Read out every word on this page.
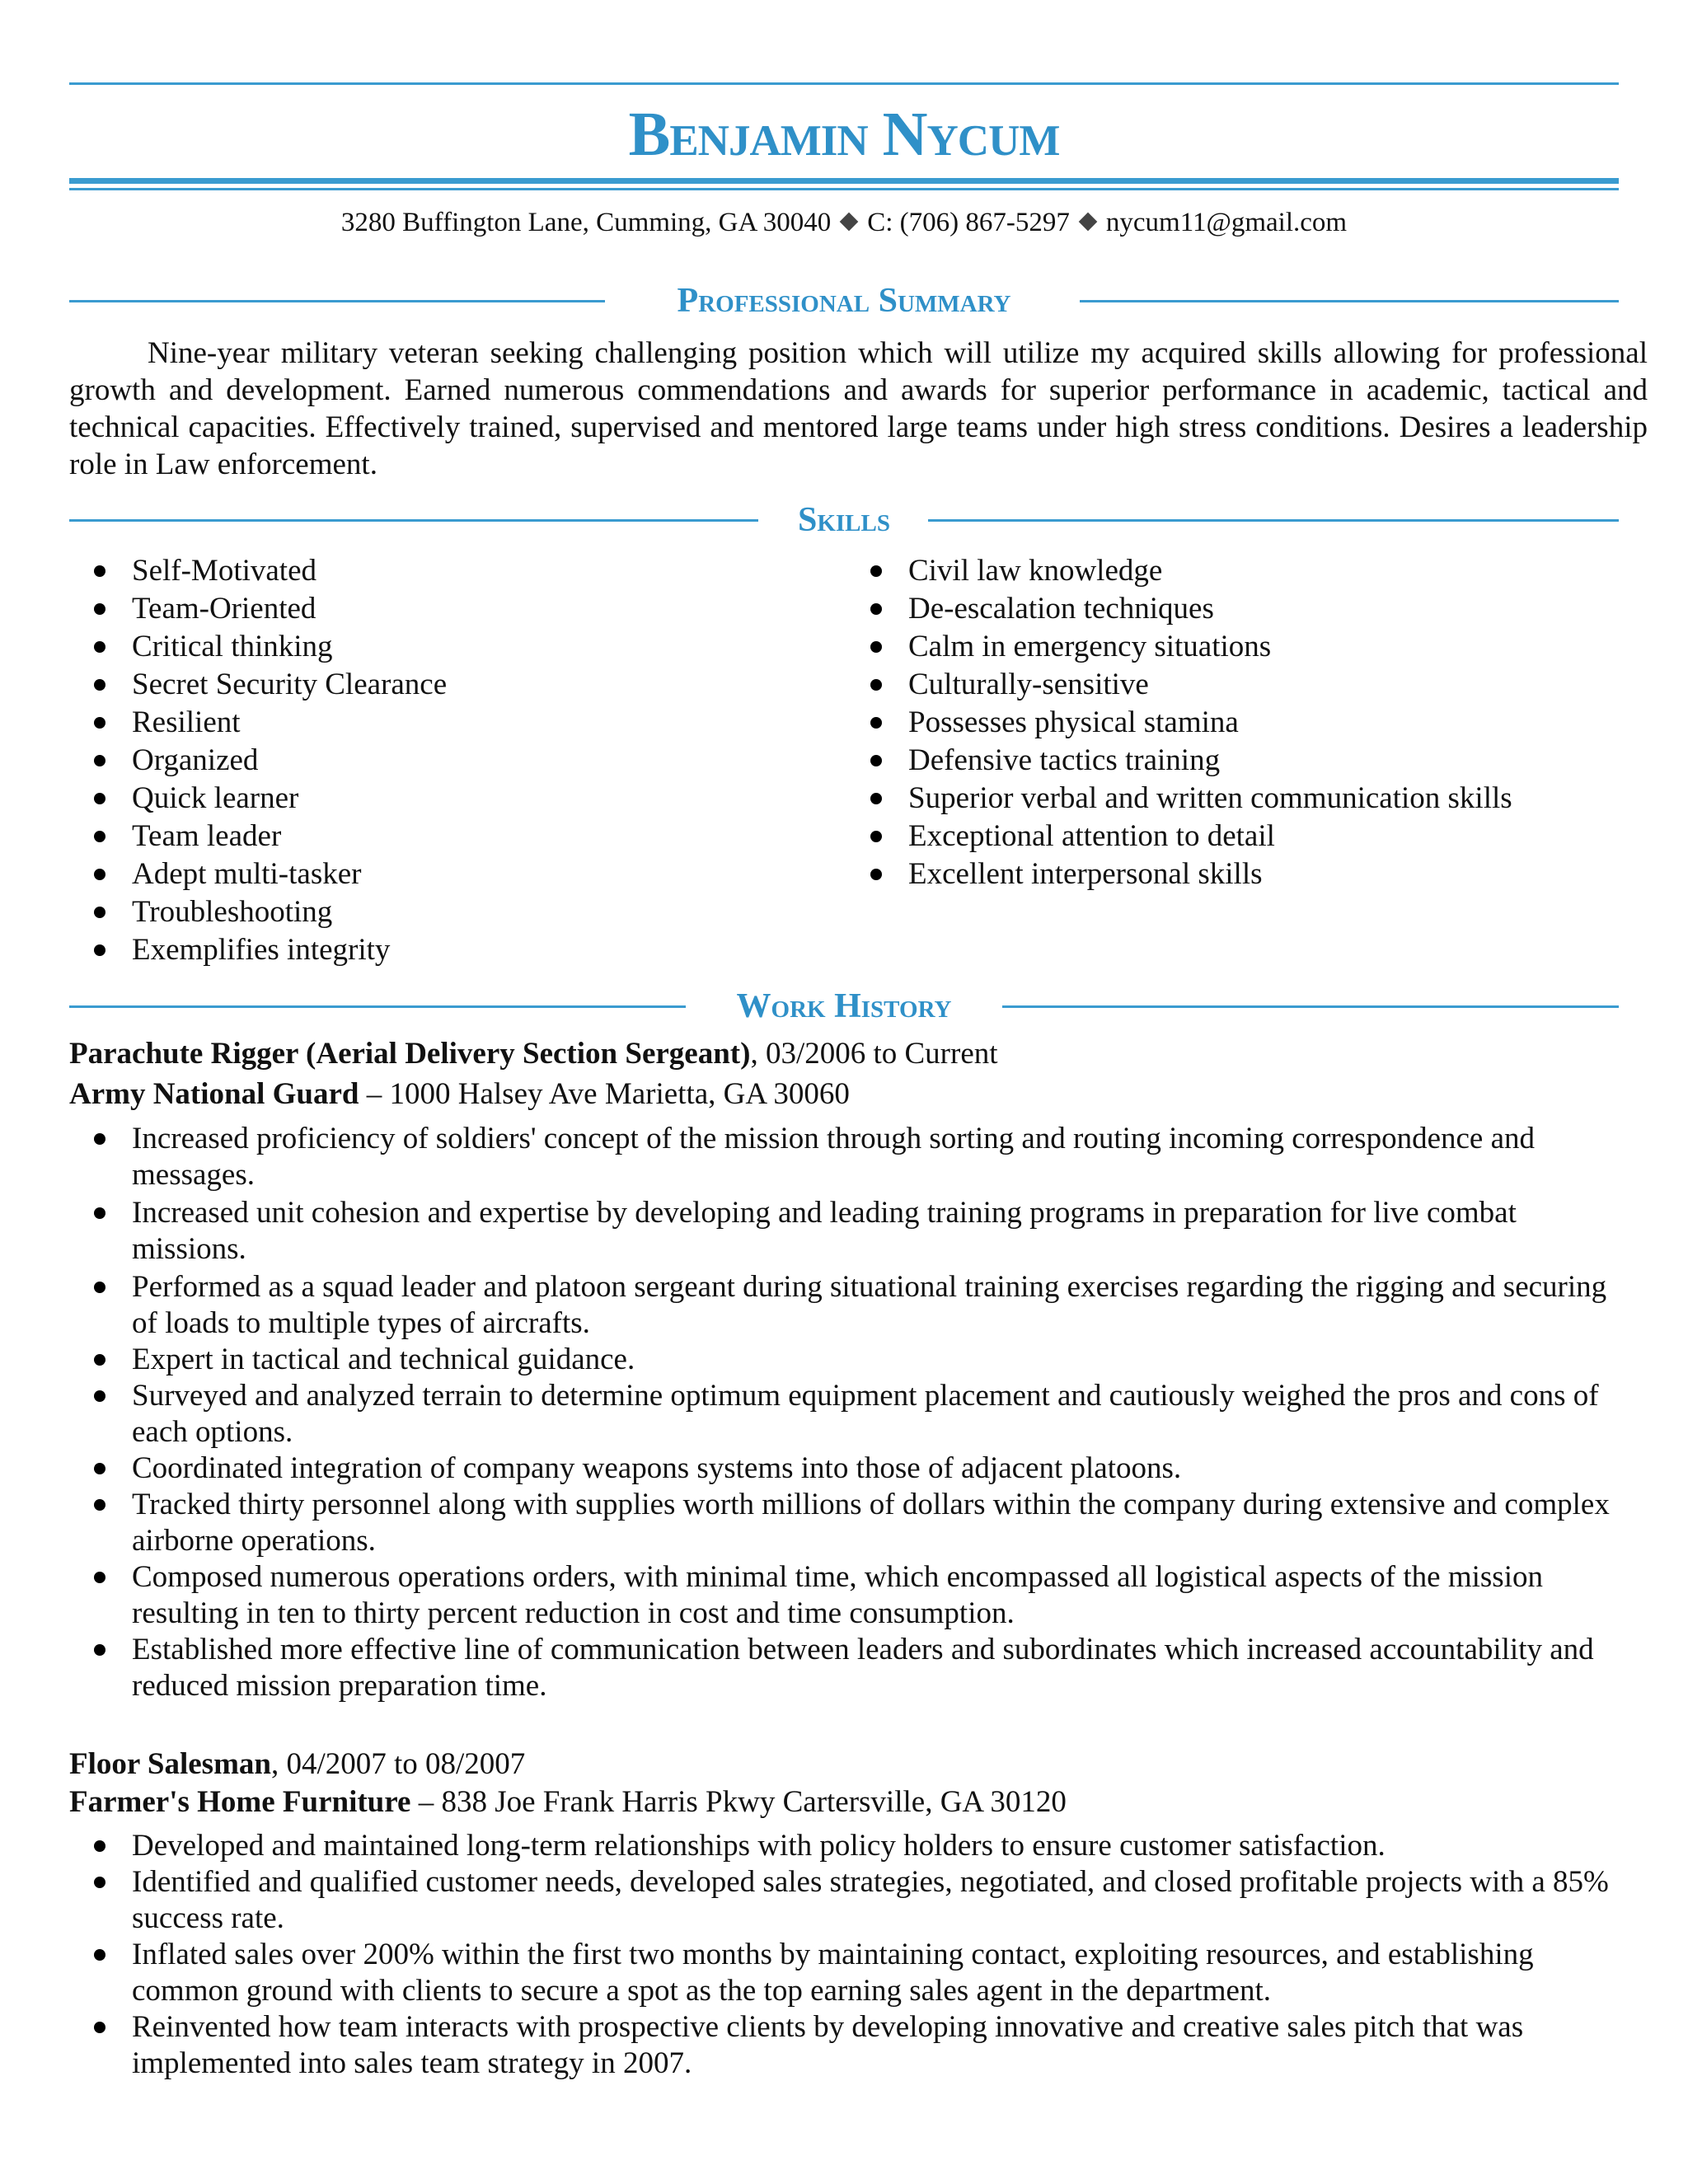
Benjamin Nycum
3280 Buffington Lane, Cumming, GA 30040 C: (706) 867-5297 nycum11@gmail.com
Professional Summary

Nine-year military veteran seeking challenging position which will utilize my acquired skills allowing for professional growth and development. Earned numerous commendations and awards for superior performance in academic, tactical and technical capacities. Effectively trained, supervised and mentored large teams under high stress conditions. Desires a leadership role in Law enforcement.

Skills
Self-Motivated
Team-Oriented
Critical thinking
Secret Security Clearance
Resilient
Organized
Quick learner
Team leader
Adept multi-tasker
Troubleshooting
Exemplifies integrity
Civil law knowledge
De-escalation techniques
Calm in emergency situations
Culturally-sensitive
Possesses physical stamina
Defensive tactics training
Superior verbal and written communication skills
Exceptional attention to detail
Excellent interpersonal skills
Work History
Parachute Rigger (Aerial Delivery Section Sergeant), 03/2006 to Current
Army National Guard – 1000 Halsey Ave Marietta, GA 30060
Increased proficiency of soldiers' concept of the mission through sorting and routing incoming correspondence and messages.
Increased unit cohesion and expertise by developing and leading training programs in preparation for live combat missions.
Performed as a squad leader and platoon sergeant during situational training exercises regarding the rigging and securing of loads to multiple types of aircrafts.
Expert in tactical and technical guidance.
Surveyed and analyzed terrain to determine optimum equipment placement and cautiously weighed the pros and cons of each options.
Coordinated integration of company weapons systems into those of adjacent platoons.
Tracked thirty personnel along with supplies worth millions of dollars within the company during extensive and complex airborne operations.
Composed numerous operations orders, with minimal time, which encompassed all logistical aspects of the mission resulting in ten to thirty percent reduction in cost and time consumption.
Established more effective line of communication between leaders and subordinates which increased accountability and reduced mission preparation time.
Floor Salesman, 04/2007 to 08/2007
Farmer's Home Furniture – 838 Joe Frank Harris Pkwy Cartersville, GA 30120
Developed and maintained long-term relationships with policy holders to ensure customer satisfaction.
Identified and qualified customer needs, developed sales strategies, negotiated, and closed profitable projects with a 85% success rate.
Inflated sales over 200% within the first two months by maintaining contact, exploiting resources, and establishing common ground with clients to secure a spot as the top earning sales agent in the department.
Reinvented how team interacts with prospective clients by developing innovative and creative sales pitch that was implemented into sales team strategy in 2007.
